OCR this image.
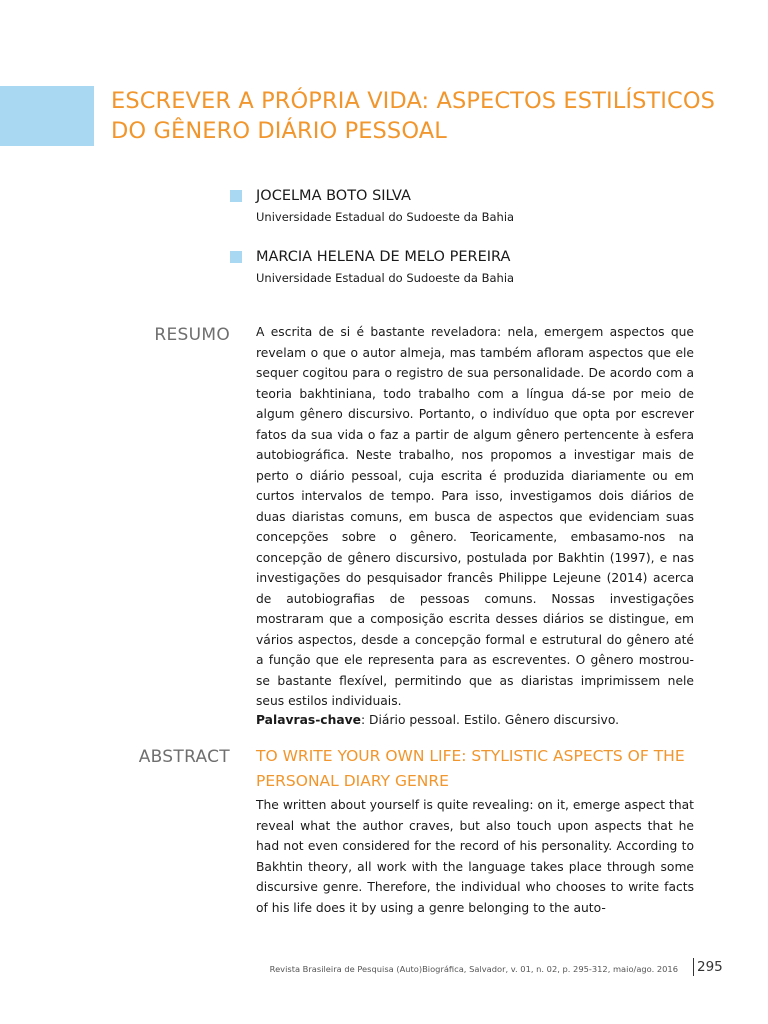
ESCREVER A PRÓPRIA VIDA: ASPECTOS ESTILÍSTICOS DO GÊNERO DIÁRIO PESSOAL
JOCELMA BOTO SILVA
Universidade Estadual do Sudoeste da Bahia
MARCIA HELENA DE MELO PEREIRA
Universidade Estadual do Sudoeste da Bahia
RESUMO A escrita de si é bastante reveladora: nela, emergem aspectos que revelam o que o autor almeja, mas também afloram aspectos que ele sequer cogitou para o registro de sua personalidade. De acordo com a teoria bakhtiniana, todo trabalho com a língua dá-se por meio de algum gênero discursivo. Portanto, o indivíduo que opta por escrever fatos da sua vida o faz a partir de algum gênero pertencente à esfera autobiográfica. Neste trabalho, nos propomos a investigar mais de perto o diário pessoal, cuja escrita é produzida diariamente ou em curtos intervalos de tempo. Para isso, investigamos dois diários de duas diaristas comuns, em busca de aspectos que evidenciam suas concepções sobre o gênero. Teoricamente, embasamo-nos na concepção de gênero discursivo, postulada por Bakhtin (1997), e nas investigações do pesquisador francês Philippe Lejeune (2014) acerca de autobiografias de pessoas comuns. Nossas investigações mostraram que a composição escrita desses diários se distingue, em vários aspectos, desde a concepção formal e estrutural do gênero até a função que ele representa para as escreventes. O gênero mostrou-se bastante flexível, permitindo que as diaristas imprimissem nele seus estilos individuais.

Palavras-chave: Diário pessoal. Estilo. Gênero discursivo.
ABSTRACT TO WRITE YOUR OWN LIFE: STYLISTIC ASPECTS OF THE PERSONAL DIARY GENRE

The written about yourself is quite revealing: on it, emerge aspect that reveal what the author craves, but also touch upon aspects that he had not even considered for the record of his personality. According to Bakhtin theory, all work with the language takes place through some discursive genre. Therefore, the individual who chooses to write facts of his life does it by using a genre belonging to the auto-

Revista Brasileira de Pesquisa (Auto)Biográfica, Salvador, v. 01, n. 02, p. 295-312, maio/ago. 2016 295
